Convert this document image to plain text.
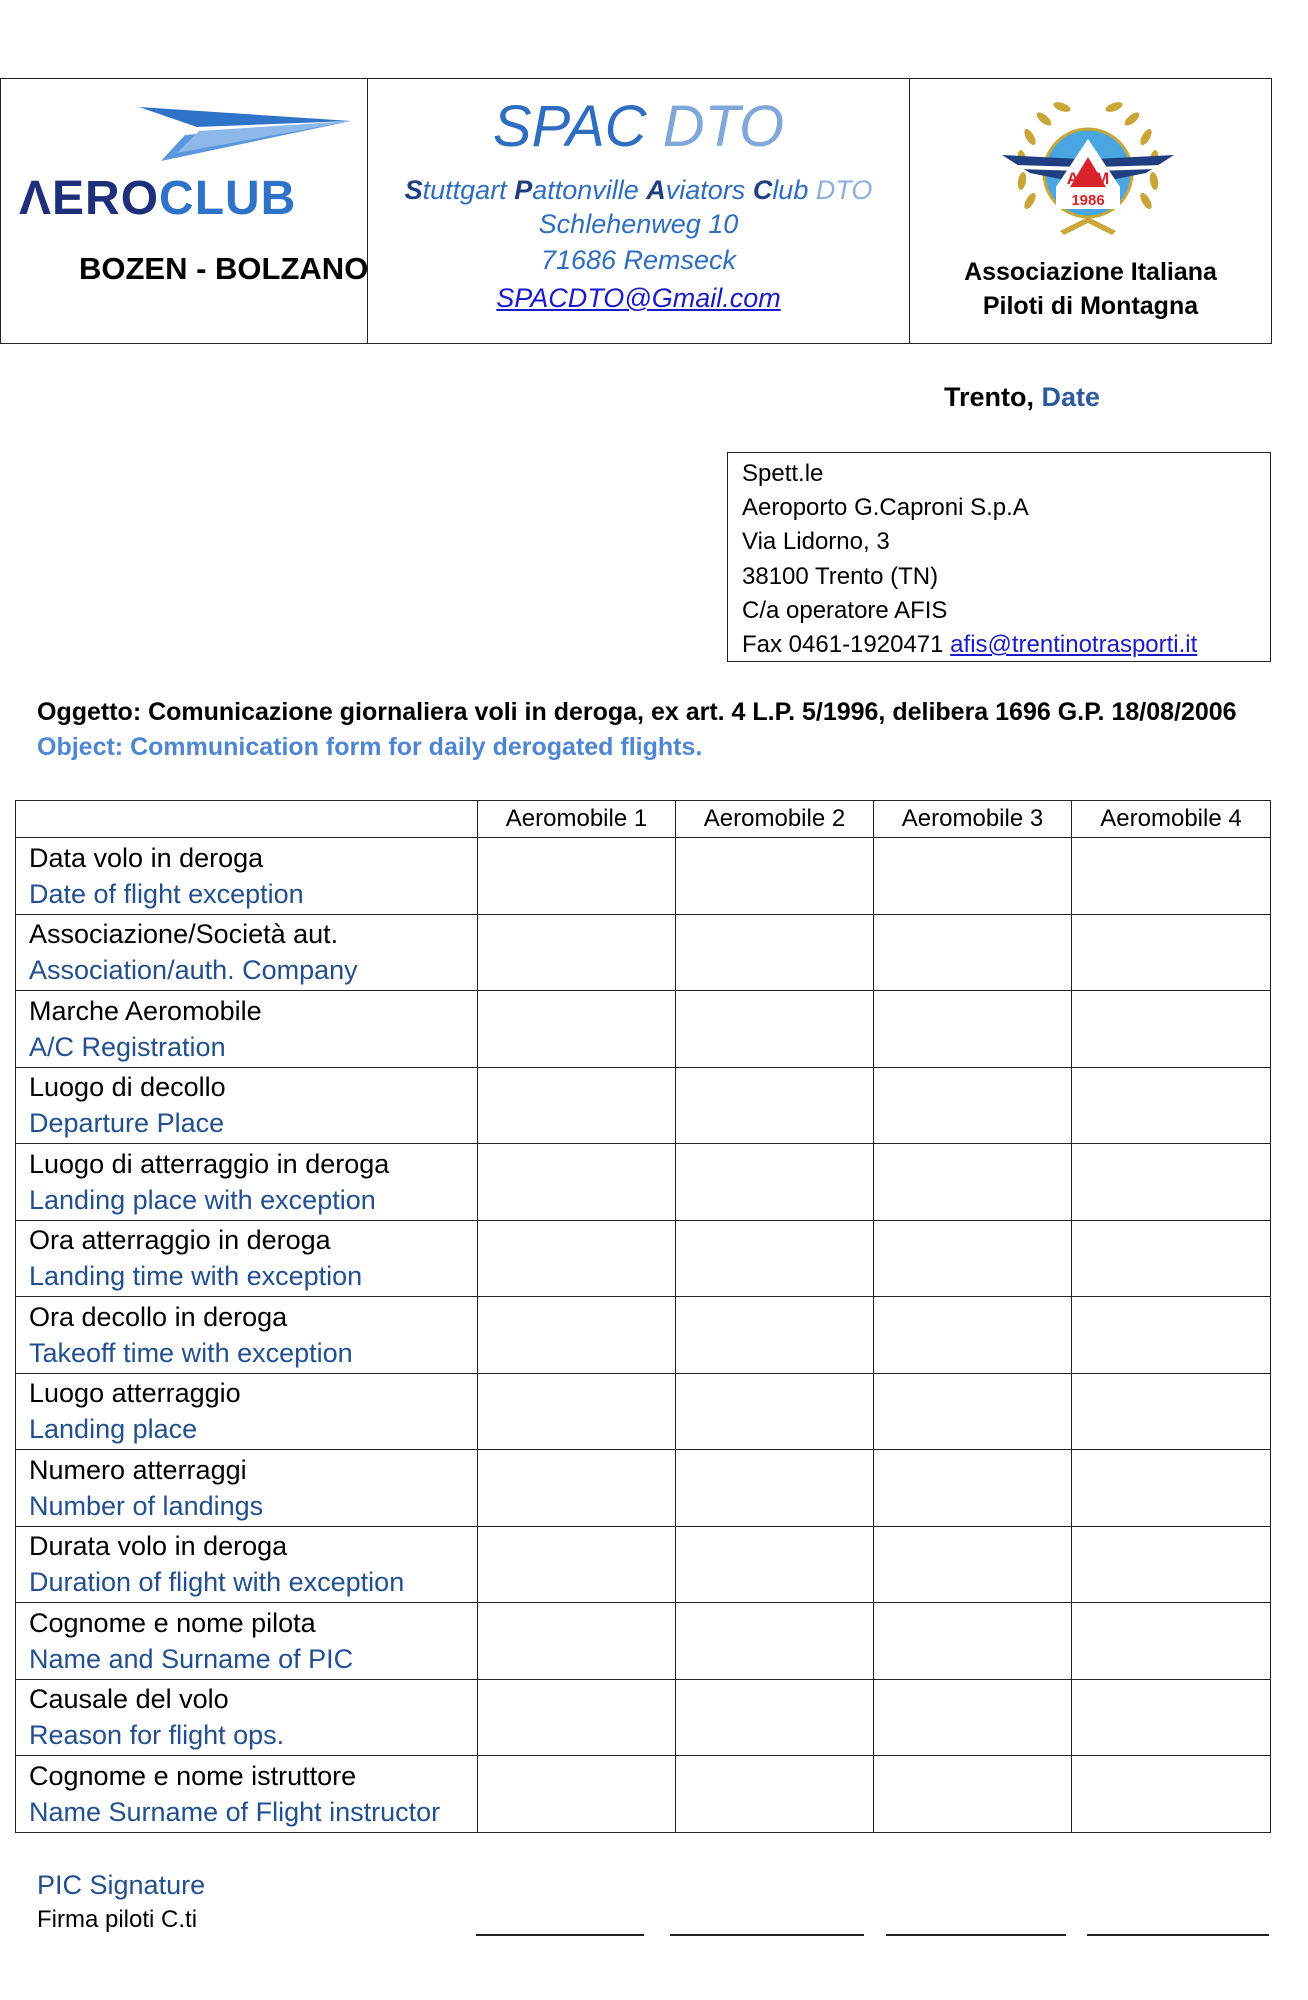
ΛEROCLUB
BOZEN - BOLZANO
SPAC DTO
Stuttgart Pattonville Aviators Club DTO
Schlehenweg 10
71686 Remseck
SPACDTO@Gmail.com
AIPM
1986
Associazione Italiana
Piloti di Montagna
Trento, Date
Spett.le
Aeroporto G.Caproni S.p.A
Via Lidorno, 3
38100 Trento (TN)
C/a operatore AFIS
Fax 0461-1920471 afis@trentinotrasporti.it
Oggetto: Comunicazione giornaliera voli in deroga, ex art. 4 L.P. 5/1996, delibera 1696 G.P. 18/08/2006
Object: Communication form for daily derogated flights.
	Aeromobile 1	Aeromobile 2	Aeromobile 3	Aeromobile 4

Data volo in deroga
Date of flight exception				

Associazione/Società aut.
Association/auth. Company				

Marche Aeromobile
A/C Registration				

Luogo di decollo
Departure Place				

Luogo di atterraggio in deroga
Landing place with exception				

Ora atterraggio in deroga
Landing time with exception				

Ora decollo in deroga
Takeoff time with exception				

Luogo atterraggio
Landing place				

Numero atterraggi
Number of landings				

Durata volo in deroga
Duration of flight with exception				

Cognome e nome pilota
Name and Surname of PIC				

Causale del volo
Reason for flight ops.				

Cognome e nome istruttore
Name Surname of Flight instructor				

PIC Signature
Firma piloti C.ti
